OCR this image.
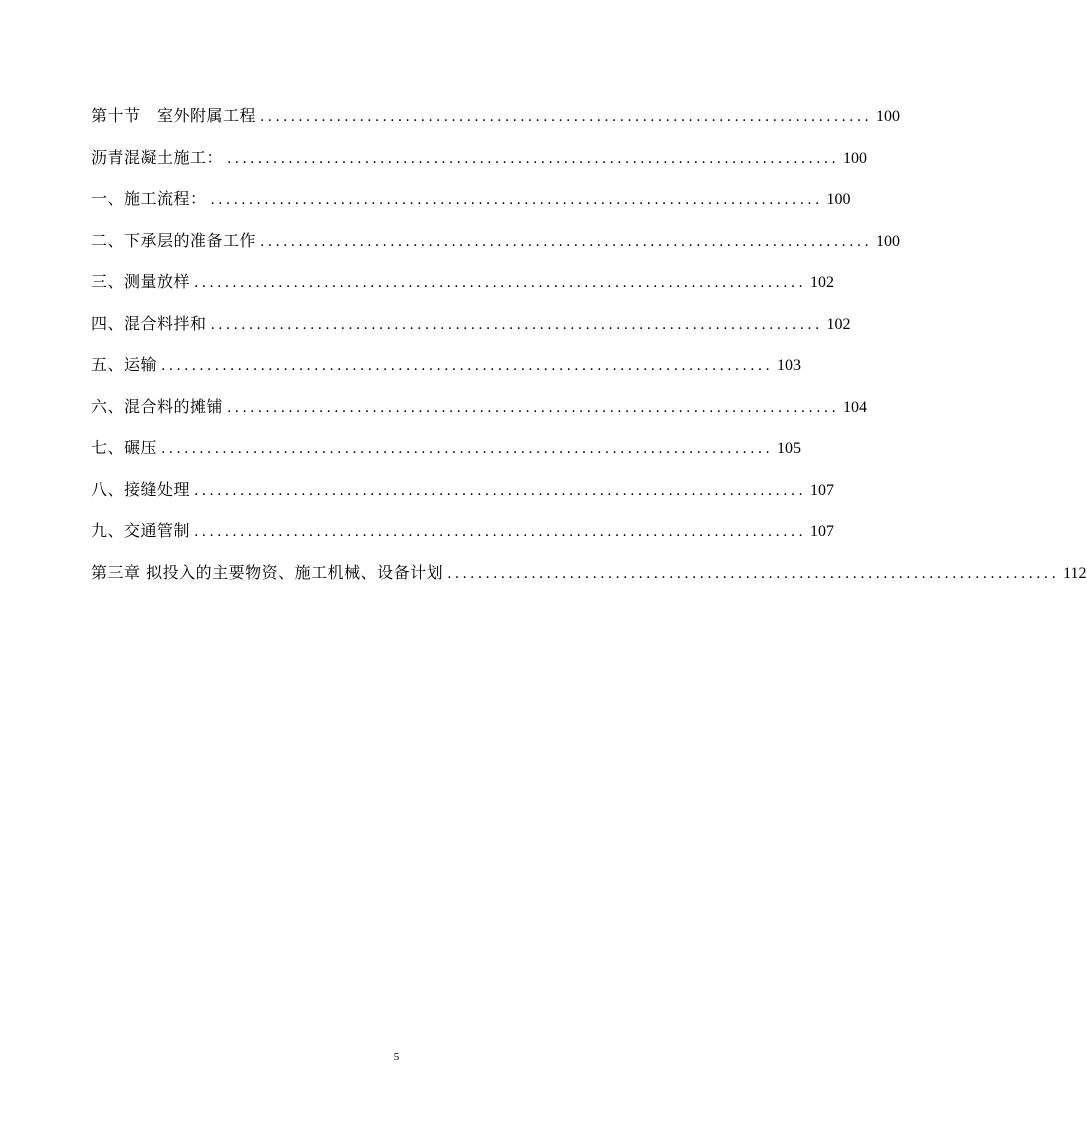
第十节　室外附属工程 ................................................................................ 100
沥青混凝土施工： ................................................................................ 100
一、施工流程： ................................................................................ 100
二、下承层的准备工作 ................................................................................ 100
三、测量放样 ................................................................................ 102
四、混合料拌和 ................................................................................ 102
五、运输 ................................................................................ 103
六、混合料的摊铺 ................................................................................ 104
七、碾压 ................................................................................ 105
八、接缝处理 ................................................................................ 107
九、交通管制 ................................................................................ 107
第三章 拟投入的主要物资、施工机械、设备计划 ................................................................................ 112
5
